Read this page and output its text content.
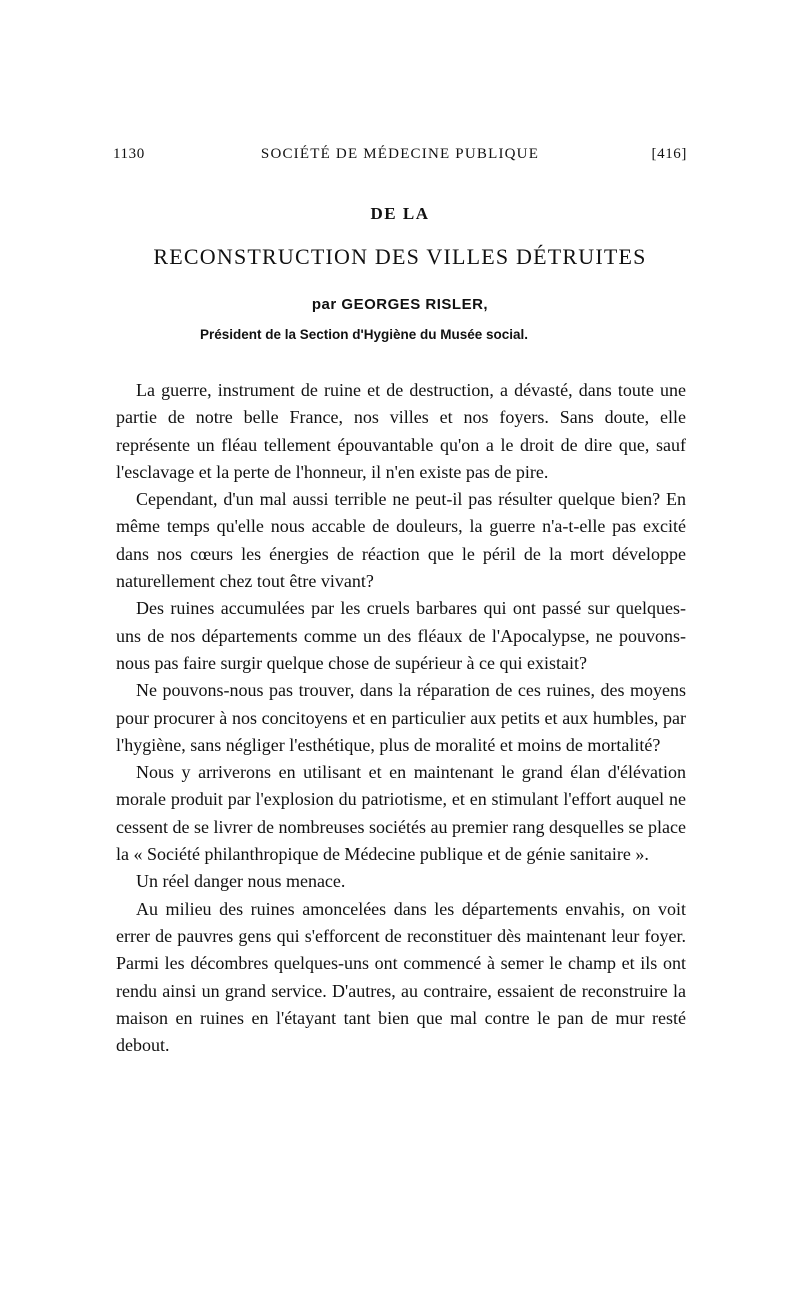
1130	SOCIÉTÉ DE MÉDECINE PUBLIQUE	[416]
DE LA
RECONSTRUCTION DES VILLES DÉTRUITES
par GEORGES RISLER,
Président de la Section d'Hygiène du Musée social.

La guerre, instrument de ruine et de destruction, a dévasté, dans toute une partie de notre belle France, nos villes et nos foyers. Sans doute, elle représente un fléau tellement épouvantable qu'on a le droit de dire que, sauf l'esclavage et la perte de l'honneur, il n'en existe pas de pire.

Cependant, d'un mal aussi terrible ne peut-il pas résulter quelque bien? En même temps qu'elle nous accable de douleurs, la guerre n'a-t-elle pas excité dans nos cœurs les énergies de réaction que le péril de la mort développe naturellement chez tout être vivant?

Des ruines accumulées par les cruels barbares qui ont passé sur quelques-uns de nos départements comme un des fléaux de l'Apocalypse, ne pouvons-nous pas faire surgir quelque chose de supérieur à ce qui existait?

Ne pouvons-nous pas trouver, dans la réparation de ces ruines, des moyens pour procurer à nos concitoyens et en particulier aux petits et aux humbles, par l'hygiène, sans négliger l'esthétique, plus de moralité et moins de mortalité?

Nous y arriverons en utilisant et en maintenant le grand élan d'élévation morale produit par l'explosion du patriotisme, et en stimulant l'effort auquel ne cessent de se livrer de nombreuses sociétés au premier rang desquelles se place la « Société philanthropique de Médecine publique et de génie sanitaire ».

Un réel danger nous menace.

Au milieu des ruines amoncelées dans les départements envahis, on voit errer de pauvres gens qui s'efforcent de reconstituer dès maintenant leur foyer. Parmi les décombres quelques-uns ont commencé à semer le champ et ils ont rendu ainsi un grand service. D'autres, au contraire, essaient de reconstruire la maison en ruines en l'étayant tant bien que mal contre le pan de mur resté debout.
